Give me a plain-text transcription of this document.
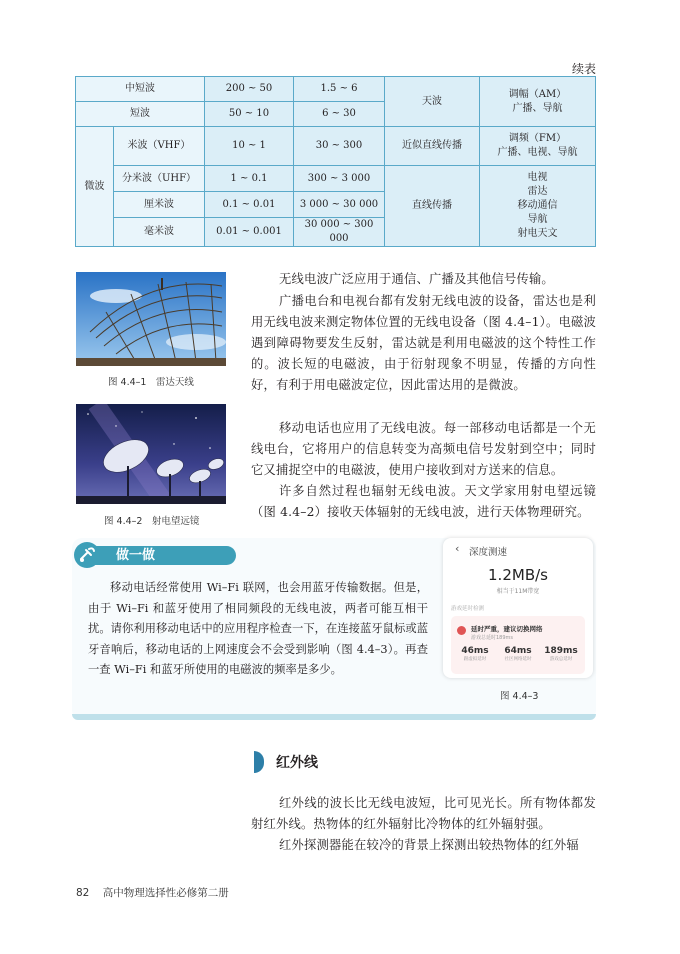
续表
中短波		200 ~ 50	1.5 ~ 6	天波	调幅（AM）
广播、导航

短波		50 ~ 10	6 ~ 30		
微波	米波（VHF）	10 ~ 1	30 ~ 300	近似直线传播	调频（FM）
广播、电视、导航

	分米波（UHF）	1 ~ 0.1	300 ~ 3 000	直线传播	电视
雷达
移动通信
导航
射电天文

	厘米波	0.1 ~ 0.01	3 000 ~ 30 000		
	毫米波	0.01 ~ 0.001	30 000 ~ 300 000		
图 4.4–1　雷达天线
图 4.4–2　射电望远镜
无线电波广泛应用于通信、广播及其他信号传输。
广播电台和电视台都有发射无线电波的设备，雷达也是利用无线电波来测定物体位置的无线电设备（图 4.4–1）。电磁波遇到障碍物要发生反射，雷达就是利用电磁波的这个特性工作的。波长短的电磁波，由于衍射现象不明显，传播的方向性好，有利于用电磁波定位，因此雷达用的是微波。
移动电话也应用了无线电波。每一部移动电话都是一个无线电台，它将用户的信息转变为高频电信号发射到空中；同时它又捕捉空中的电磁波，使用户接收到对方送来的信息。
许多自然过程也辐射无线电波。天文学家用射电望远镜（图 4.4–2）接收天体辐射的无线电波，进行天体物理研究。
做一做
移动电话经常使用 Wi–Fi 联网，也会用蓝牙传输数据。但是，由于 Wi–Fi 和蓝牙使用了相同频段的无线电波，两者可能互相干扰。请你利用移动电话中的应用程序检查一下，在连接蓝牙鼠标或蓝牙音响后，移动电话的上网速度会不会受到影响（图 4.4–3）。再查一查 Wi–Fi 和蓝牙所使用的电磁波的频率是多少。
‹ 深度测速
1.2MB/s
相当于11M带宽
游戏延时检测
延时严重，建议切换网络
游戏总延时189ms
46ms
跟虚拟延时
64ms
社区网络延时
189ms
游戏总延时
图 4.4–3
红外线
红外线的波长比无线电波短，比可见光长。所有物体都发射红外线。热物体的红外辐射比冷物体的红外辐射强。
红外探测器能在较冷的背景上探测出较热物体的红外辐
82 高中物理选择性必修第二册
